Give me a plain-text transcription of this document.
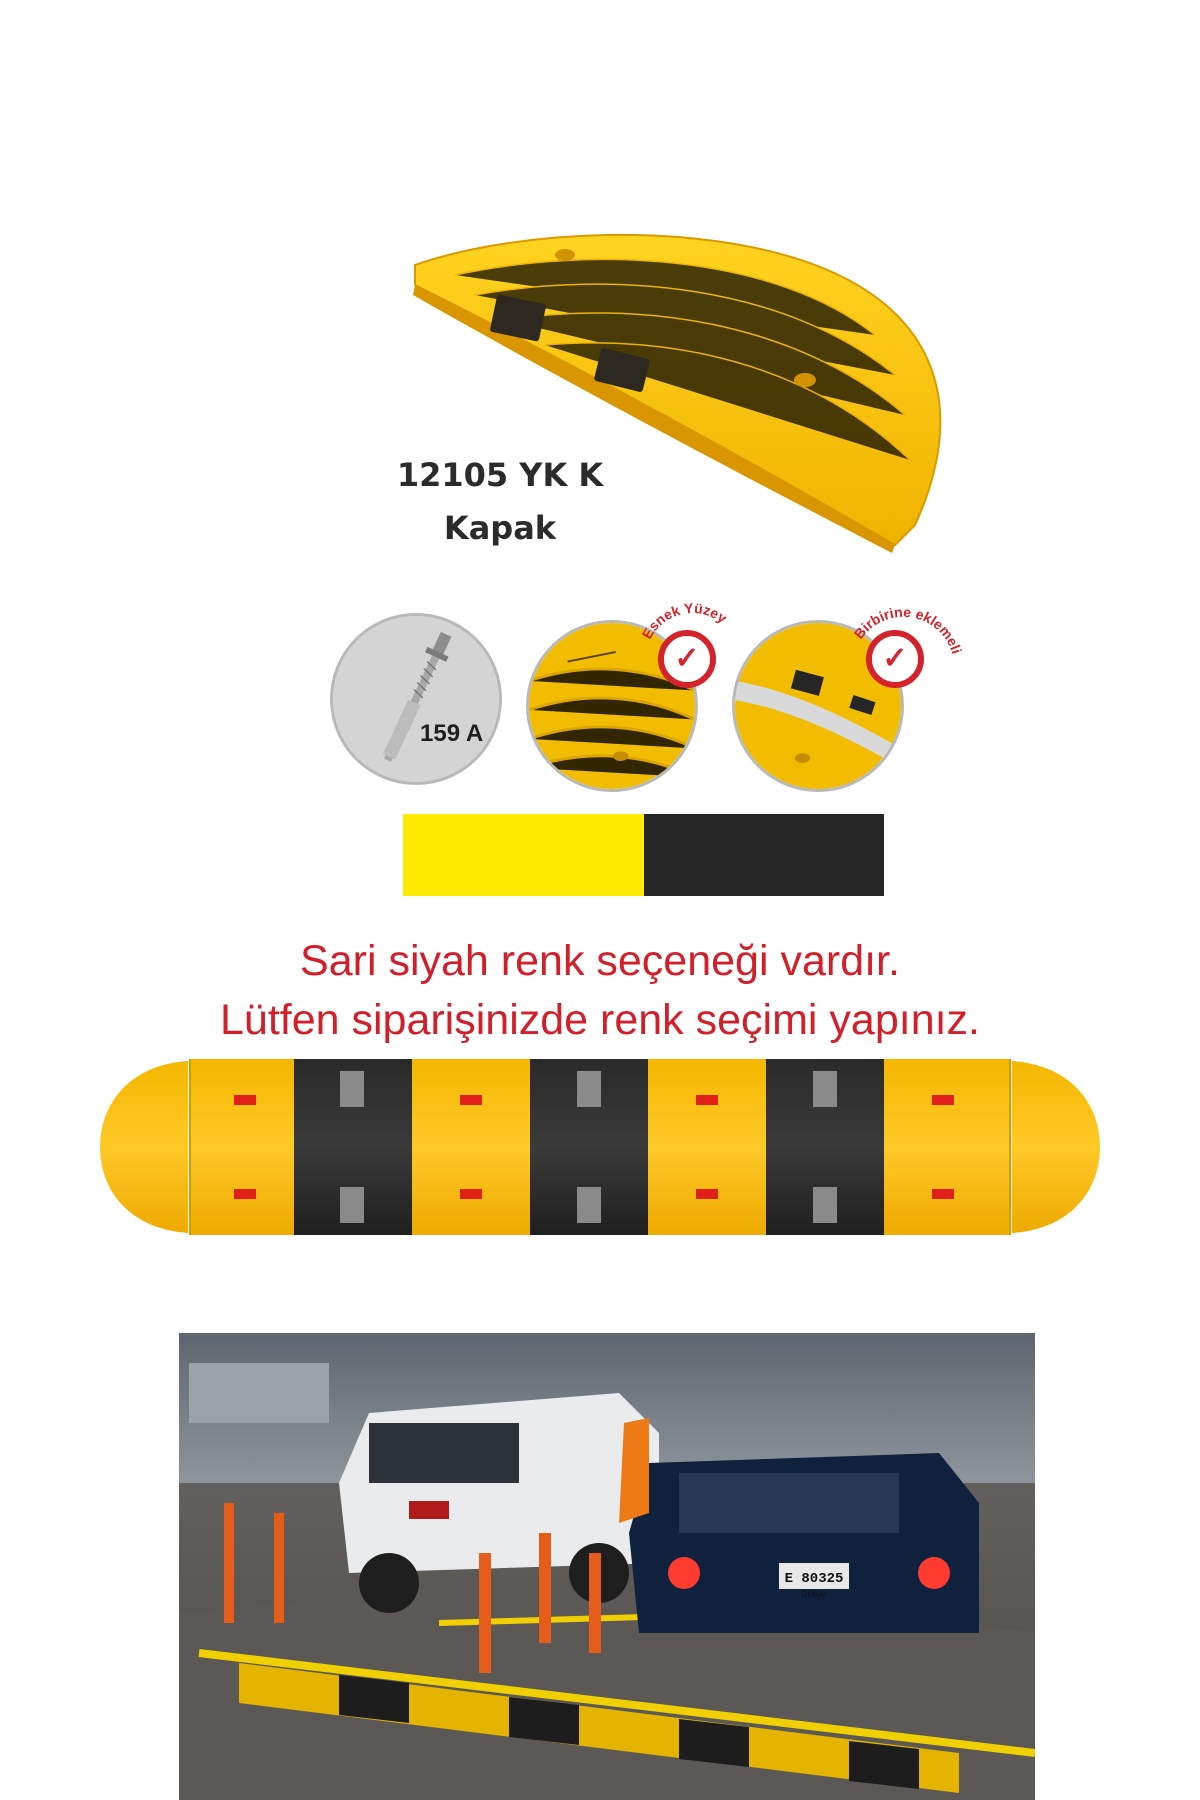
12105 YK K
Kapak
159 A
✓
Esnek Yüzey
✓
Birbirine eklemeli
Sari siyah renk seçeneği vardır.
Lütfen siparişinizde renk seçimi yapınız.
E 80325
DUBAI
